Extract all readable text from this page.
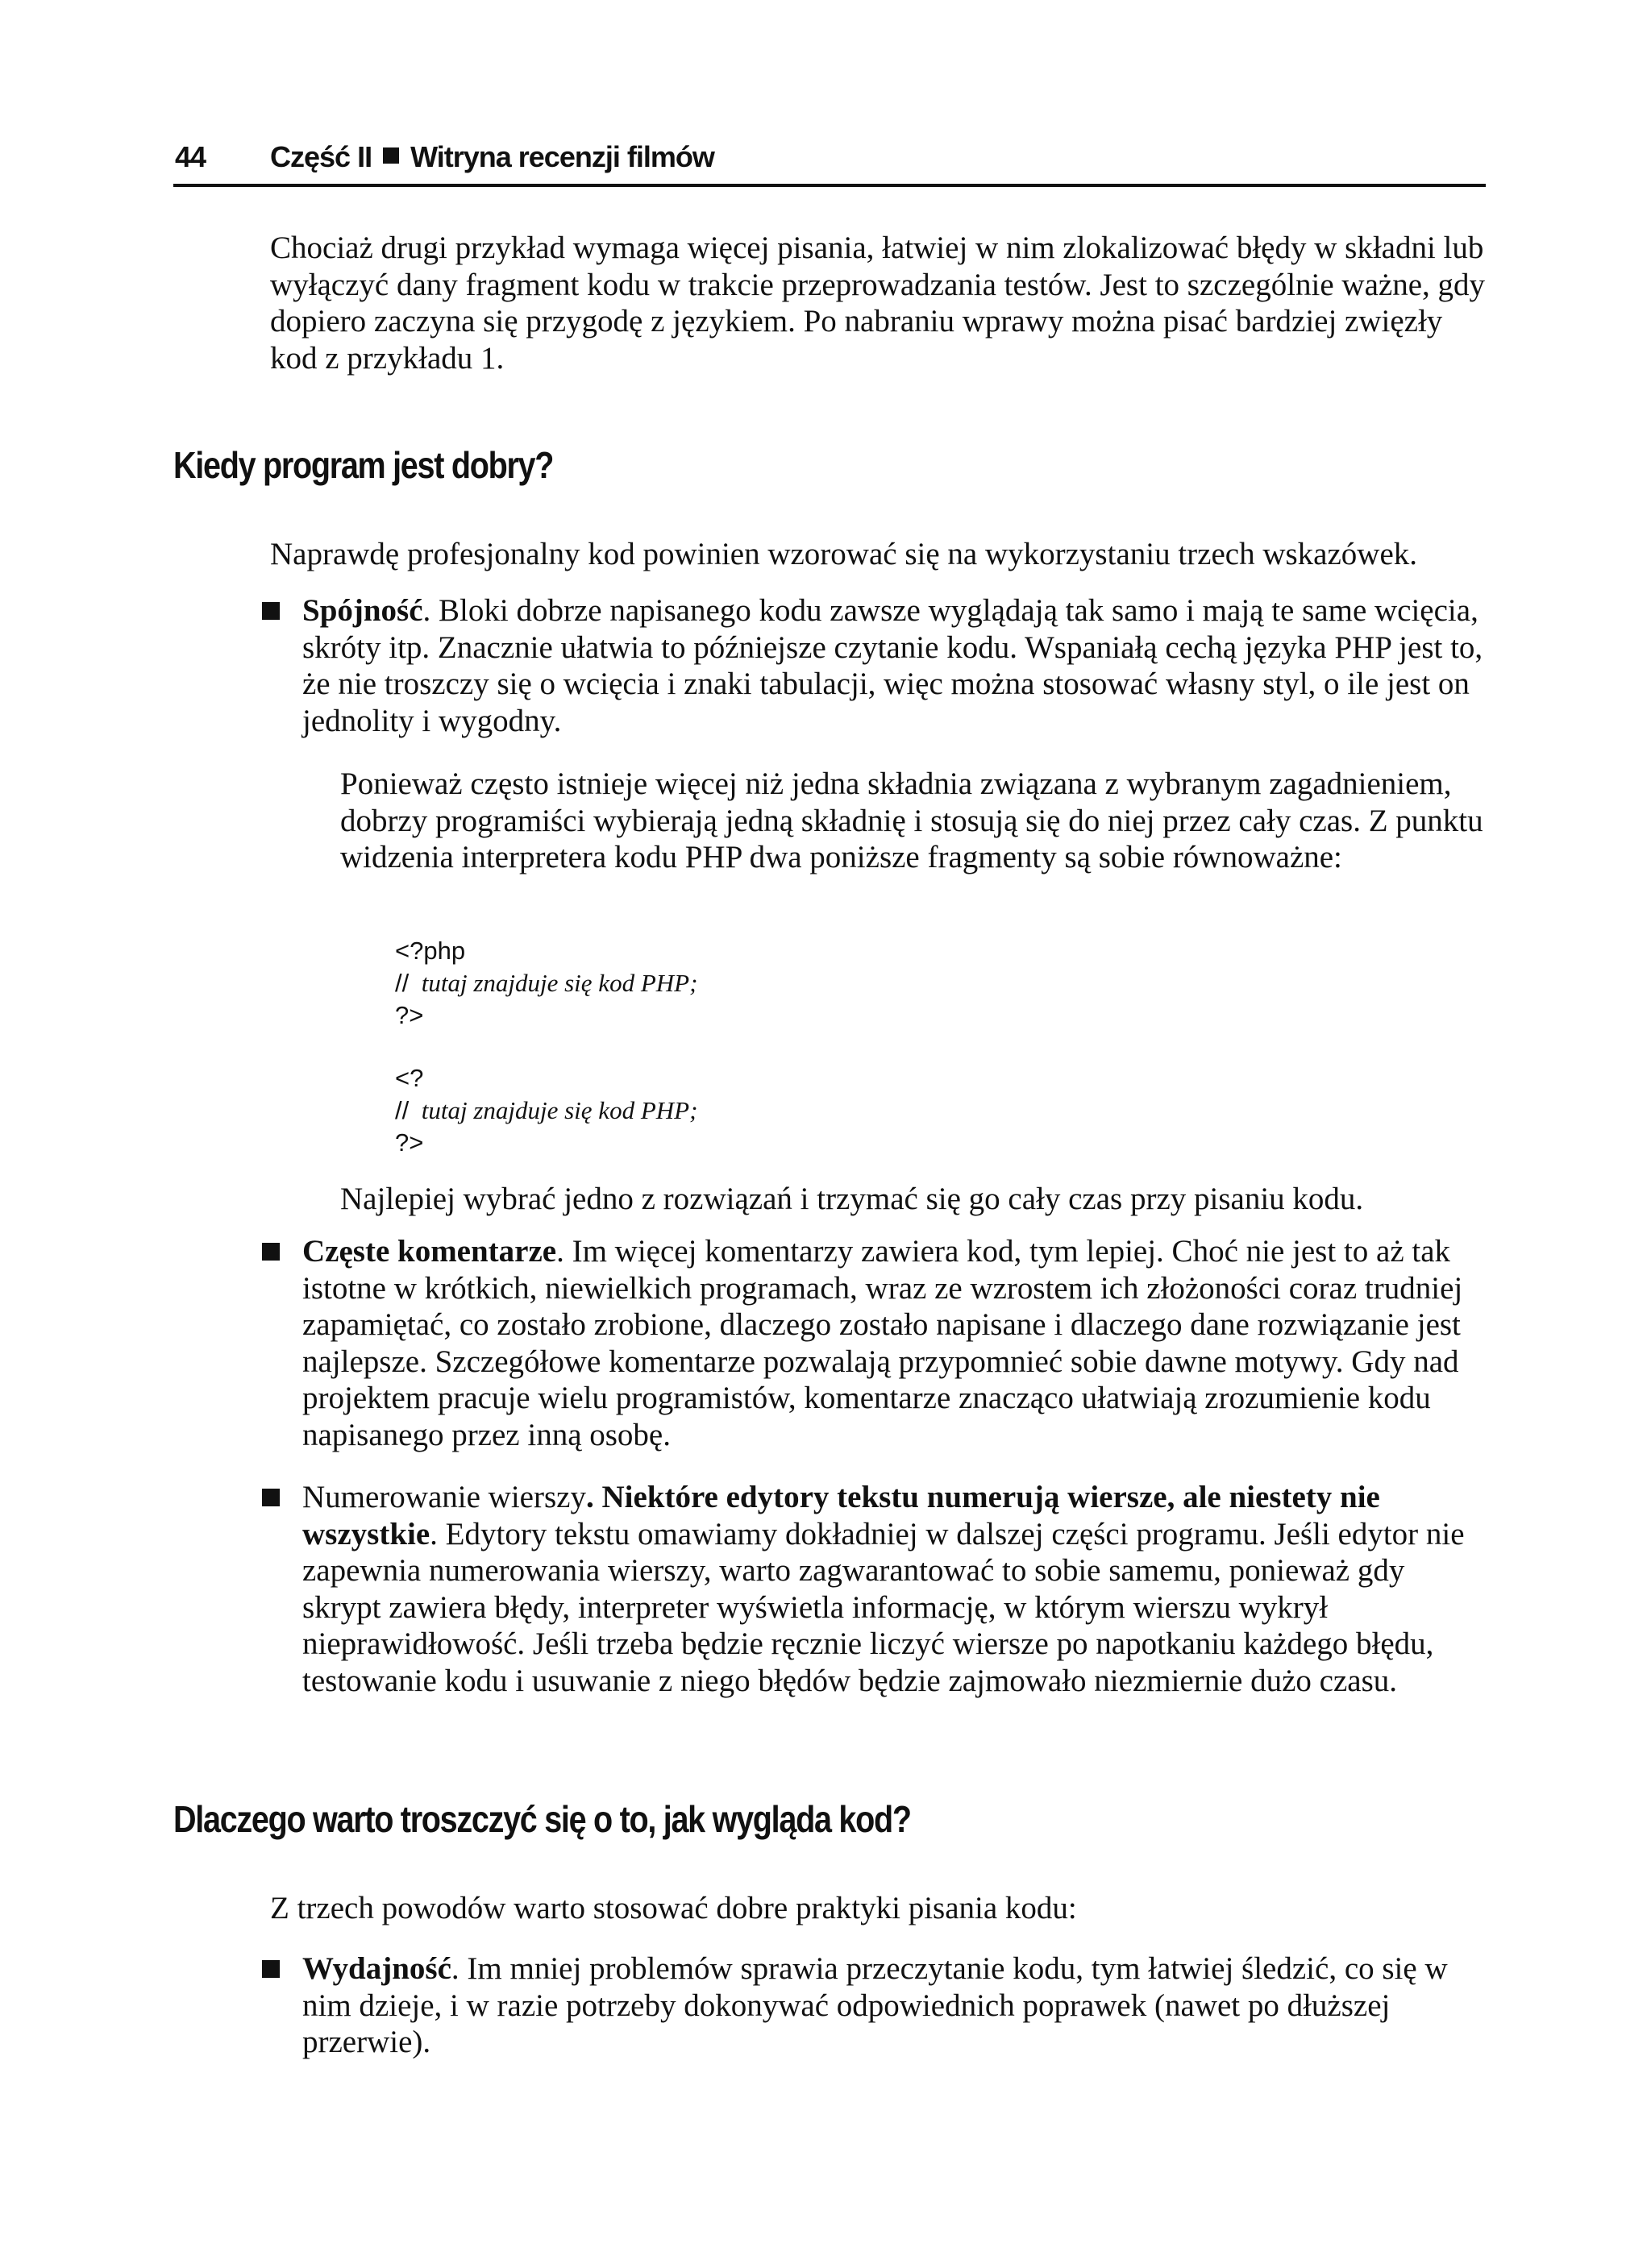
44 Część II Witryna recenzji filmów
Chociaż drugi przykład wymaga więcej pisania, łatwiej w nim zlokalizować błędy w składni lub wyłączyć dany fragment kodu w trakcie przeprowadzania testów. Jest to szczególnie ważne, gdy dopiero zaczyna się przygodę z językiem. Po nabraniu wprawy można pisać bardziej zwięzły kod z przykładu 1.
Kiedy program jest dobry?
Naprawdę profesjonalny kod powinien wzorować się na wykorzystaniu trzech wskazówek.
Spójność. Bloki dobrze napisanego kodu zawsze wyglądają tak samo i mają te same wcięcia, skróty itp. Znacznie ułatwia to późniejsze czytanie kodu. Wspaniałą cechą języka PHP jest to, że nie troszczy się o wcięcia i znaki tabulacji, więc można stosować własny styl, o ile jest on jednolity i wygodny.
Ponieważ często istnieje więcej niż jedna składnia związana z wybranym zagadnieniem, dobrzy programiści wybierają jedną składnię i stosują się do niej przez cały czas. Z punktu widzenia interpretera kodu PHP dwa poniższe fragmenty są sobie równoważne:
<?php
// tutaj znajduje się kod PHP;
?>
<?
// tutaj znajduje się kod PHP;
?>
Najlepiej wybrać jedno z rozwiązań i trzymać się go cały czas przy pisaniu kodu.
Częste komentarze. Im więcej komentarzy zawiera kod, tym lepiej. Choć nie jest to aż tak istotne w krótkich, niewielkich programach, wraz ze wzrostem ich złożoności coraz trudniej zapamiętać, co zostało zrobione, dlaczego zostało napisane i dlaczego dane rozwiązanie jest najlepsze. Szczegółowe komentarze pozwalają przypomnieć sobie dawne motywy. Gdy nad projektem pracuje wielu programistów, komentarze znacząco ułatwiają zrozumienie kodu napisanego przez inną osobę.
Numerowanie wierszy. Niektóre edytory tekstu numerują wiersze, ale niestety nie wszystkie. Edytory tekstu omawiamy dokładniej w dalszej części programu. Jeśli edytor nie zapewnia numerowania wierszy, warto zagwarantować to sobie samemu, ponieważ gdy skrypt zawiera błędy, interpreter wyświetla informację, w którym wierszu wykrył nieprawidłowość. Jeśli trzeba będzie ręcznie liczyć wiersze po napotkaniu każdego błędu, testowanie kodu i usuwanie z niego błędów będzie zajmowało niezmiernie dużo czasu.
Dlaczego warto troszczyć się o to, jak wygląda kod?
Z trzech powodów warto stosować dobre praktyki pisania kodu:
Wydajność. Im mniej problemów sprawia przeczytanie kodu, tym łatwiej śledzić, co się w nim dzieje, i w razie potrzeby dokonywać odpowiednich poprawek (nawet po dłuższej przerwie).
